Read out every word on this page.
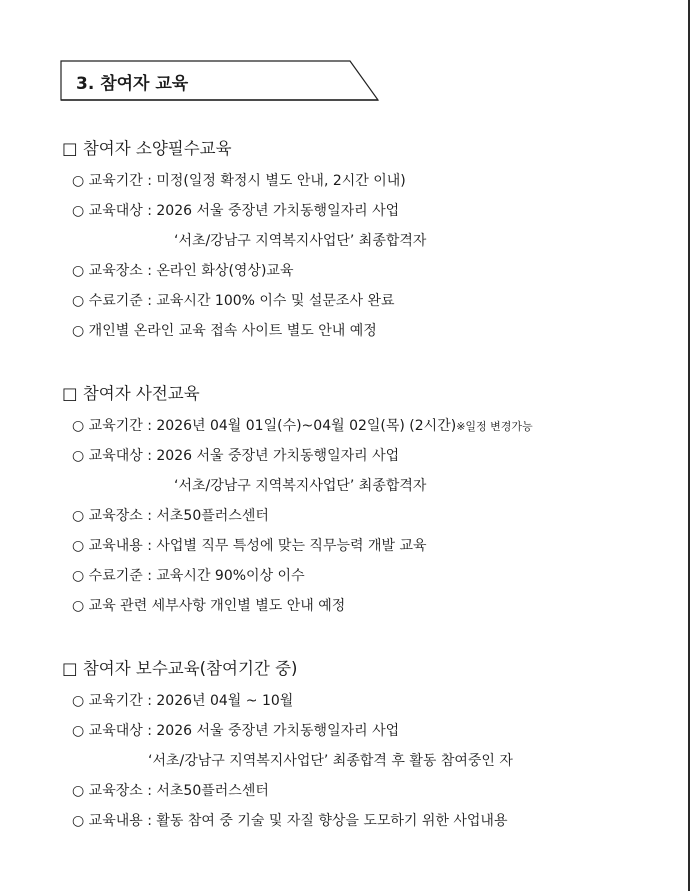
3. 참여자 교육
□ 참여자 소양필수교육
○ 교육기간 : 미정(일정 확정시 별도 안내, 2시간 이내)
○ 교육대상 : 2026 서울 중장년 가치동행일자리 사업
‘서초/강남구 지역복지사업단’ 최종합격자
○ 교육장소 : 온라인 화상(영상)교육
○ 수료기준 : 교육시간 100% 이수 및 설문조사 완료
○ 개인별 온라인 교육 접속 사이트 별도 안내 예정
□ 참여자 사전교육
○ 교육기간 : 2026년 04월 01일(수)~04월 02일(목) (2시간)※일정 변경가능
○ 교육대상 : 2026 서울 중장년 가치동행일자리 사업
‘서초/강남구 지역복지사업단’ 최종합격자
○ 교육장소 : 서초50플러스센터
○ 교육내용 : 사업별 직무 특성에 맞는 직무능력 개발 교육
○ 수료기준 : 교육시간 90%이상 이수
○ 교육 관련 세부사항 개인별 별도 안내 예정
□ 참여자 보수교육(참여기간 중)
○ 교육기간 : 2026년 04월 ~ 10월
○ 교육대상 : 2026 서울 중장년 가치동행일자리 사업
‘서초/강남구 지역복지사업단’ 최종합격 후 활동 참여중인 자
○ 교육장소 : 서초50플러스센터
○ 교육내용 : 활동 참여 중 기술 및 자질 향상을 도모하기 위한 사업내용
